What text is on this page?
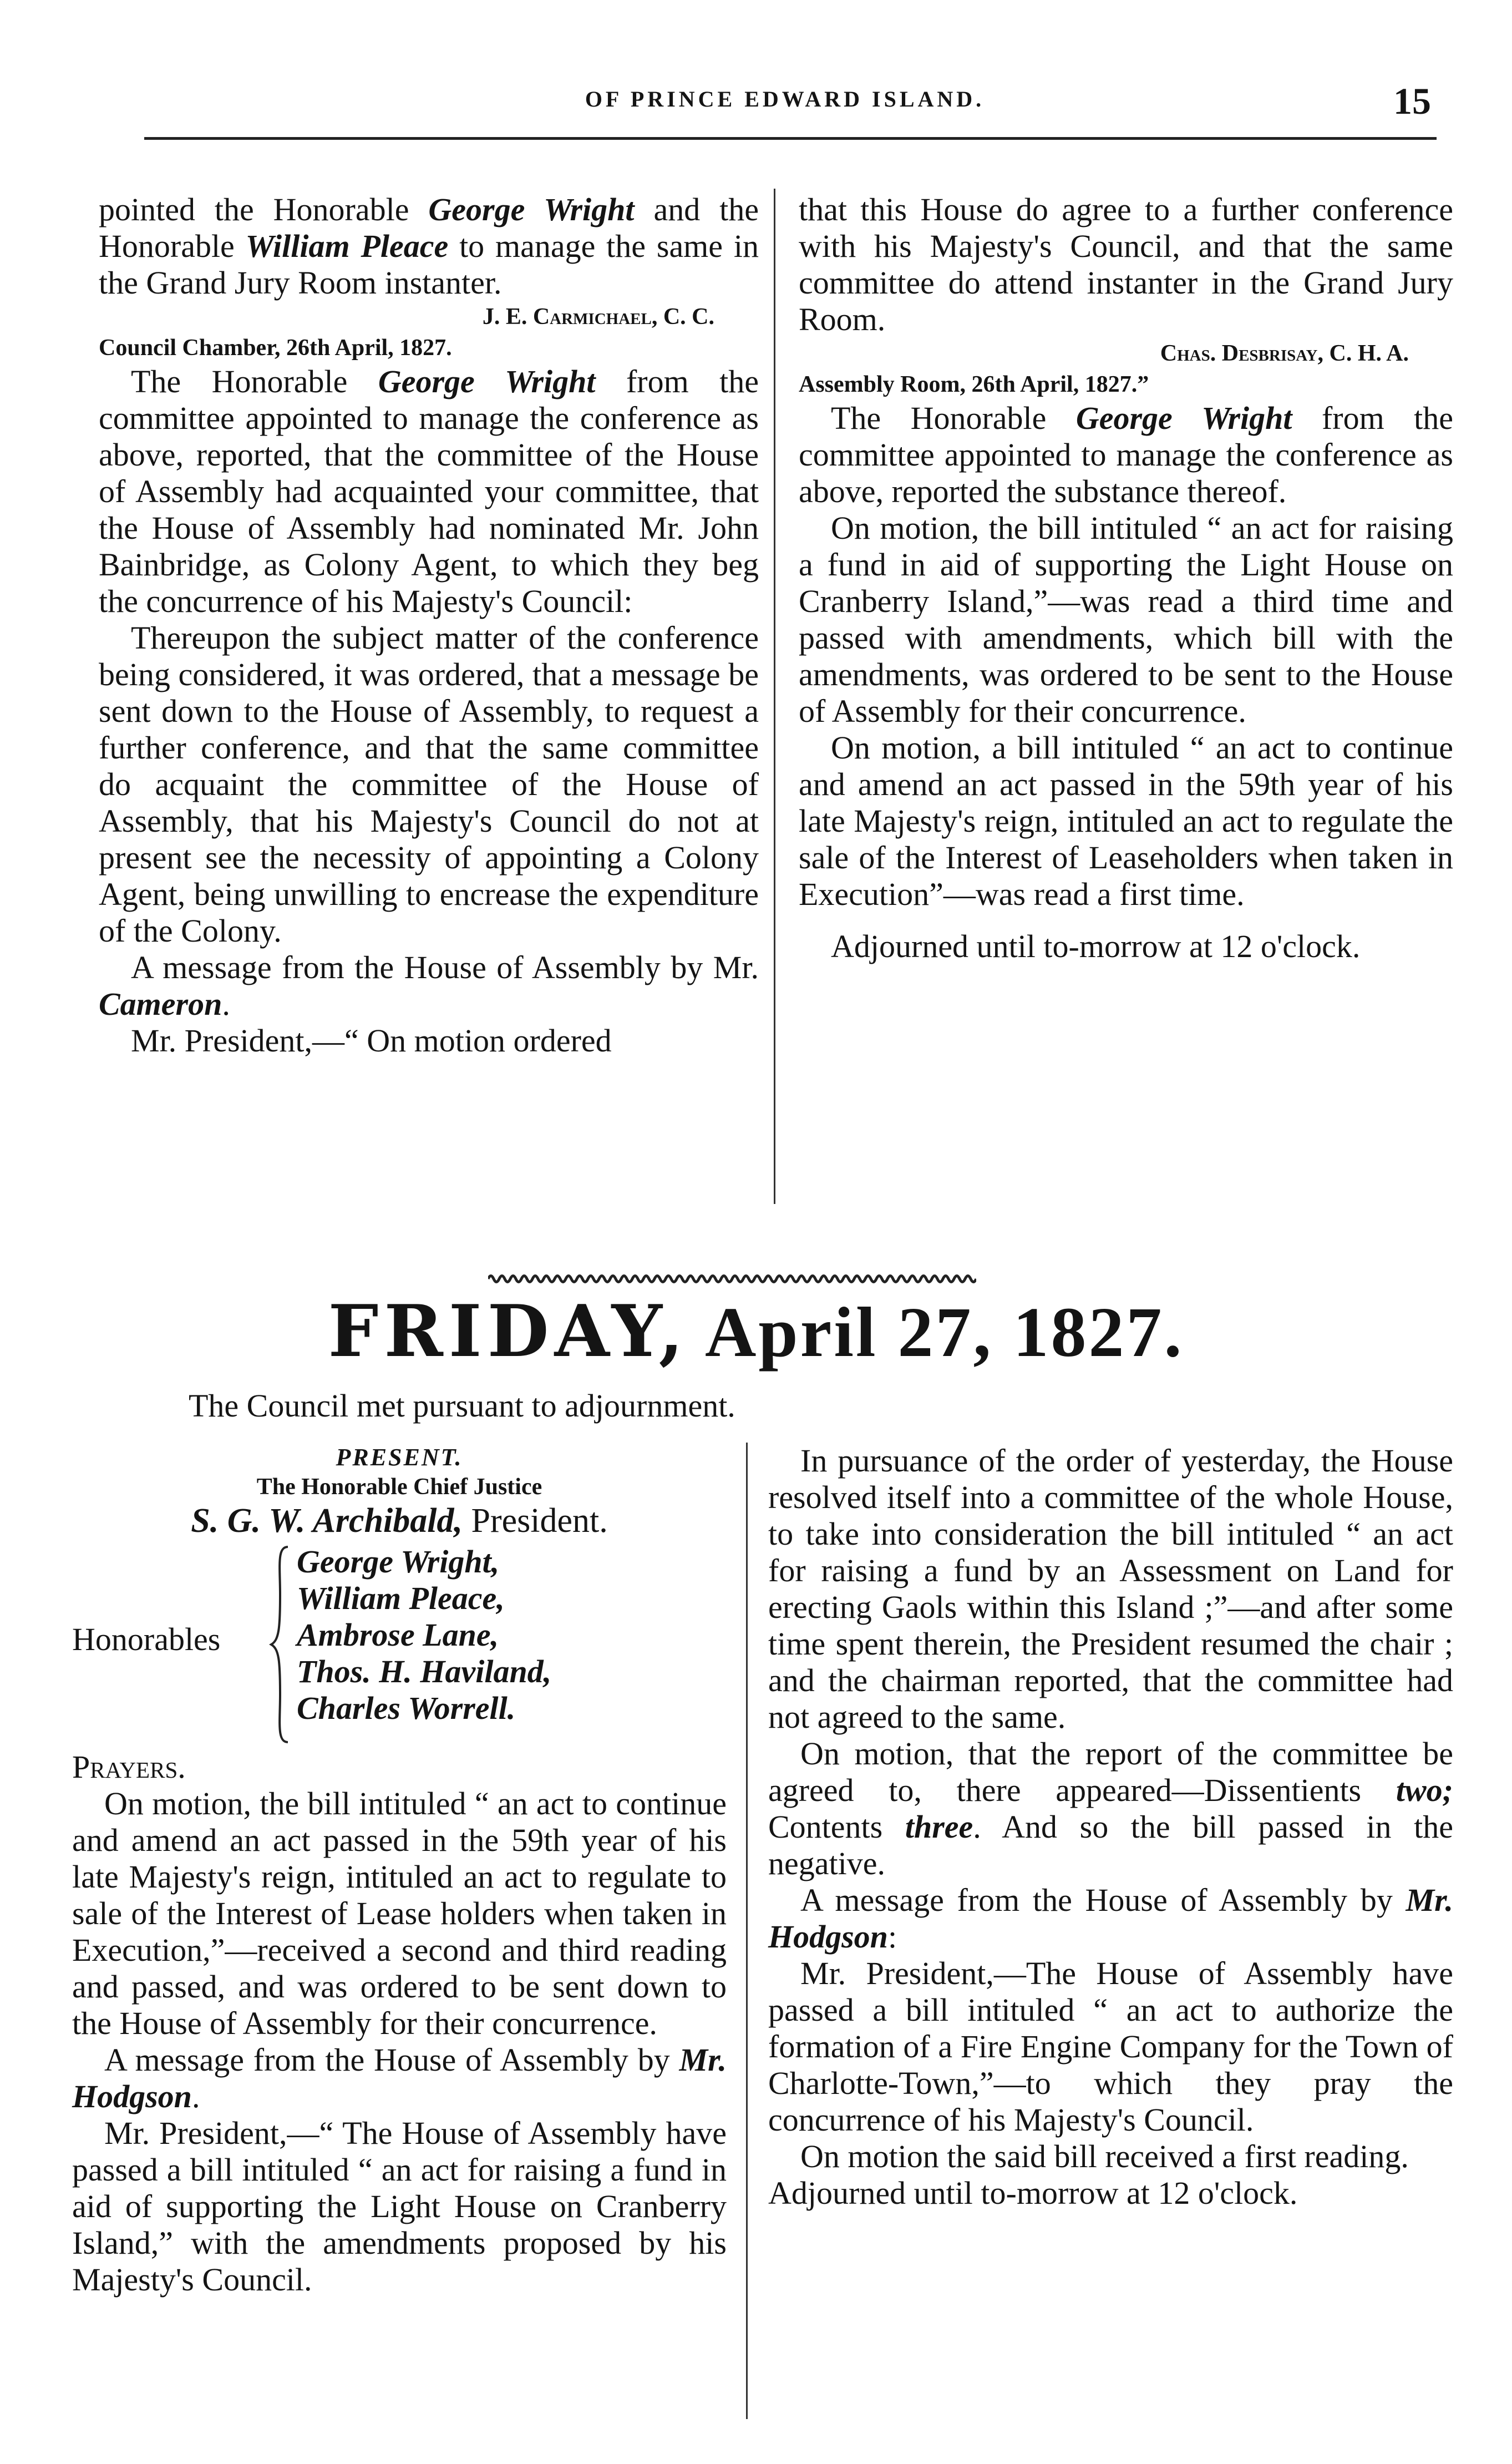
OF PRINCE EDWARD ISLAND.	15

pointed the Honorable George Wright and the Honorable William Pleace to manage the same in the Grand Jury Room instanter.

J. E. Carmichael, C. C.

Council Chamber, 26th April, 1827.

The Honorable George Wright from the committee appointed to manage the conference as above, reported, that the committee of the House of Assembly had acquainted your committee, that the House of Assembly had nominated Mr. John Bainbridge, as Colony Agent, to which they beg the concurrence of his Majesty's Council:

Thereupon the subject matter of the conference being considered, it was ordered, that a message be sent down to the House of Assembly, to request a further conference, and that the same committee do acquaint the committee of the House of Assembly, that his Majesty's Council do not at present see the necessity of appointing a Colony Agent, being unwilling to encrease the expenditure of the Colony.

A message from the House of Assembly by Mr. Cameron.

Mr. President,—“ On motion ordered

that this House do agree to a further conference with his Majesty's Council, and that the same committee do attend instanter in the Grand Jury Room.

Chas. Desbrisay, C. H. A.

Assembly Room, 26th April, 1827.”

The Honorable George Wright from the committee appointed to manage the conference as above, reported the substance thereof.

On motion, the bill intituled “ an act for raising a fund in aid of supporting the Light House on Cranberry Island,”—was read a third time and passed with amendments, which bill with the amendments, was ordered to be sent to the House of Assembly for their concurrence.

On motion, a bill intituled “ an act to continue and amend an act passed in the 59th year of his late Majesty's reign, intituled an act to regulate the sale of the Interest of Leaseholders when taken in Execution”—was read a first time.

Adjourned until to-morrow at 12 o'clock.

FRIDAY, April 27, 1827.
The Council met pursuant to adjournment.

PRESENT.

The Honorable Chief Justice

S. G. W. Archibald, President.

Honorables
George Wright,
William Pleace,
Ambrose Lane,
Thos. H. Haviland,
Charles Worrell.

Prayers.

On motion, the bill intituled “ an act to continue and amend an act passed in the 59th year of his late Majesty's reign, intituled an act to regulate to sale of the Interest of Lease holders when taken in Execution,”—received a second and third reading and passed, and was ordered to be sent down to the House of Assembly for their concurrence.

A message from the House of Assembly by Mr. Hodgson.

Mr. President,—“ The House of Assembly have passed a bill intituled “ an act for raising a fund in aid of supporting the Light House on Cranberry Island,” with the amendments proposed by his Majesty's Council.

In pursuance of the order of yesterday, the House resolved itself into a committee of the whole House, to take into consideration the bill intituled “ an act for raising a fund by an Assessment on Land for erecting Gaols within this Island ;”—and after some time spent therein, the President resumed the chair ; and the chairman reported, that the committee had not agreed to the same.

On motion, that the report of the committee be agreed to, there appeared—Dissentients two; Contents three. And so the bill passed in the negative.

A message from the House of Assembly by Mr. Hodgson:

Mr. President,—The House of Assembly have passed a bill intituled “ an act to authorize the formation of a Fire Engine Company for the Town of Charlotte-Town,”—to which they pray the concurrence of his Majesty's Council.

On motion the said bill received a first reading.

Adjourned until to-morrow at 12 o'clock.
